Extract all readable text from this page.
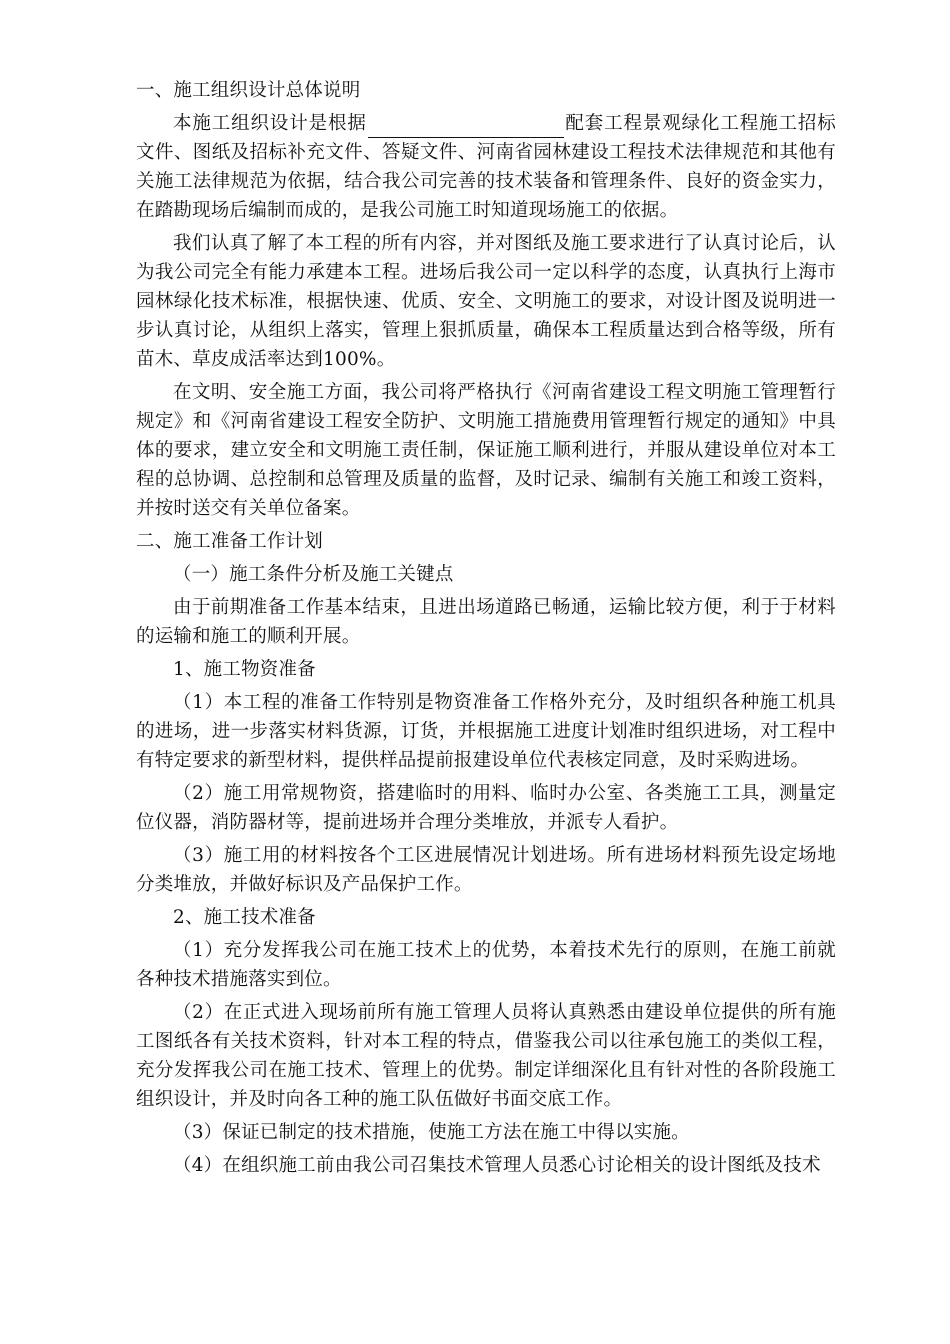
一、施工组织设计总体说明

本施工组织设计是根据	配套工程景观绿化工程施工招标文件、图纸及招标补充文件、答疑文件、河南省园林建设工程技术法律规范和其他有关施工法律规范为依据，结合我公司完善的技术装备和管理条件、良好的资金实力，在踏勘现场后编制而成的，是我公司施工时知道现场施工的依据。

我们认真了解了本工程的所有内容，并对图纸及施工要求进行了认真讨论后，认为我公司完全有能力承建本工程。进场后我公司一定以科学的态度，认真执行上海市园林绿化技术标准，根据快速、优质、安全、文明施工的要求，对设计图及说明进一步认真讨论，从组织上落实，管理上狠抓质量，确保本工程质量达到合格等级，所有苗木、草皮成活率达到100%。

在文明、安全施工方面，我公司将严格执行《河南省建设工程文明施工管理暂行规定》和《河南省建设工程安全防护、文明施工措施费用管理暂行规定的通知》中具体的要求，建立安全和文明施工责任制，保证施工顺利进行，并服从建设单位对本工程的总协调、总控制和总管理及质量的监督，及时记录、编制有关施工和竣工资料，并按时送交有关单位备案。

二、施工准备工作计划

（一）施工条件分析及施工关键点

由于前期准备工作基本结束，且进出场道路已畅通，运输比较方便，利于于材料的运输和施工的顺利开展。

1、施工物资准备

（1）本工程的准备工作特别是物资准备工作格外充分，及时组织各种施工机具的进场，进一步落实材料货源，订货，并根据施工进度计划准时组织进场，对工程中有特定要求的新型材料，提供样品提前报建设单位代表核定同意，及时采购进场。

（2）施工用常规物资，搭建临时的用料、临时办公室、各类施工工具，测量定位仪器，消防器材等，提前进场并合理分类堆放，并派专人看护。

（3）施工用的材料按各个工区进展情况计划进场。所有进场材料预先设定场地分类堆放，并做好标识及产品保护工作。

2、施工技术准备

（1）充分发挥我公司在施工技术上的优势，本着技术先行的原则，在施工前就各种技术措施落实到位。

（2）在正式进入现场前所有施工管理人员将认真熟悉由建设单位提供的所有施工图纸各有关技术资料，针对本工程的特点，借鉴我公司以往承包施工的类似工程，充分发挥我公司在施工技术、管理上的优势。制定详细深化且有针对性的各阶段施工组织设计，并及时向各工种的施工队伍做好书面交底工作。

（3）保证已制定的技术措施，使施工方法在施工中得以实施。

（4）在组织施工前由我公司召集技术管理人员悉心讨论相关的设计图纸及技术
